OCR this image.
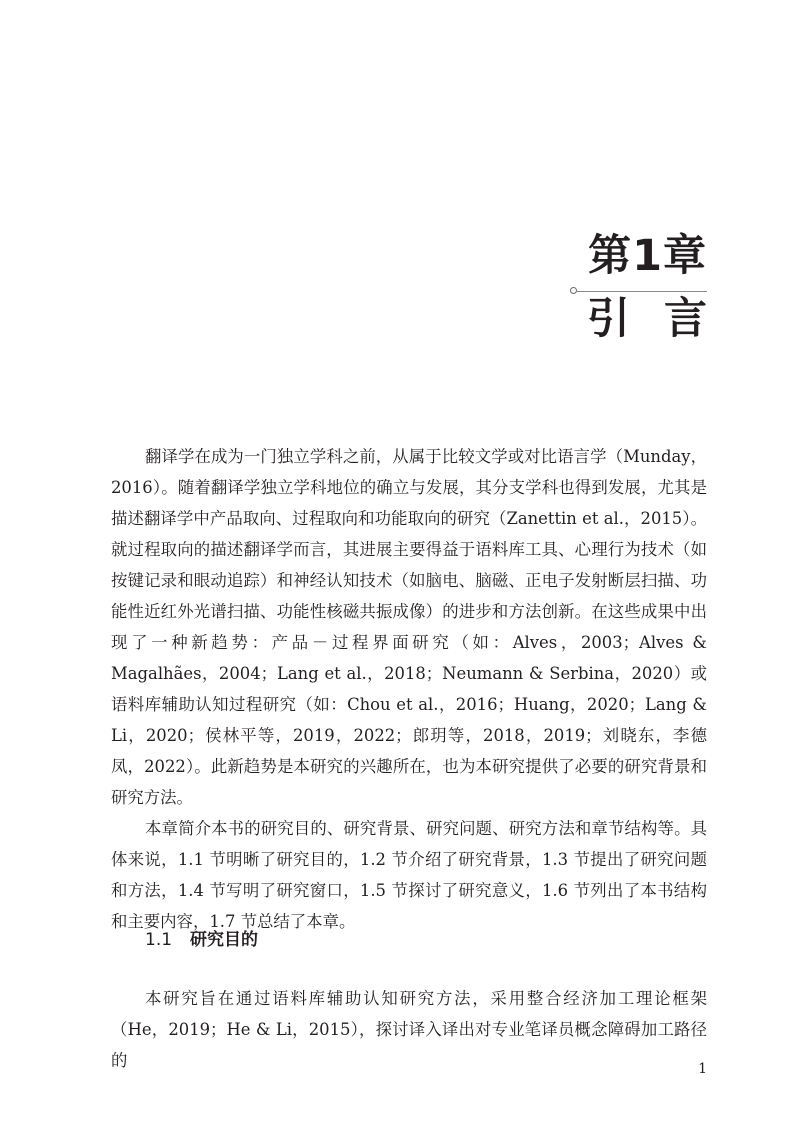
第1章
引言

翻译学在成为一门独立学科之前，从属于比较文学或对比语言学（Munday，2016）。随着翻译学独立学科地位的确立与发展，其分支学科也得到发展，尤其是描述翻译学中产品取向、过程取向和功能取向的研究（Zanettin et al.，2015）。就过程取向的描述翻译学而言，其进展主要得益于语料库工具、心理行为技术（如按键记录和眼动追踪）和神经认知技术（如脑电、脑磁、正电子发射断层扫描、功能性近红外光谱扫描、功能性核磁共振成像）的进步和方法创新。在这些成果中出现了一种新趋势：产品－过程界面研究（如：Alves，2003；Alves & Magalhães，2004；Lang et al.，2018；Neumann & Serbina，2020）或语料库辅助认知过程研究（如：Chou et al.，2016；Huang，2020；Lang & Li，2020；侯林平等，2019，2022；郎玥等，2018，2019；刘晓东，李德凤，2022）。此新趋势是本研究的兴趣所在，也为本研究提供了必要的研究背景和研究方法。

本章简介本书的研究目的、研究背景、研究问题、研究方法和章节结构等。具体来说，1.1 节明晰了研究目的，1.2 节介绍了研究背景，1.3 节提出了研究问题和方法，1.4 节写明了研究窗口，1.5 节探讨了研究意义，1.6 节列出了本书结构和主要内容，1.7 节总结了本章。

1.1 研究目的

本研究旨在通过语料库辅助认知研究方法，采用整合经济加工理论框架（He，2019；He & Li，2015），探讨译入译出对专业笔译员概念障碍加工路径的	1
